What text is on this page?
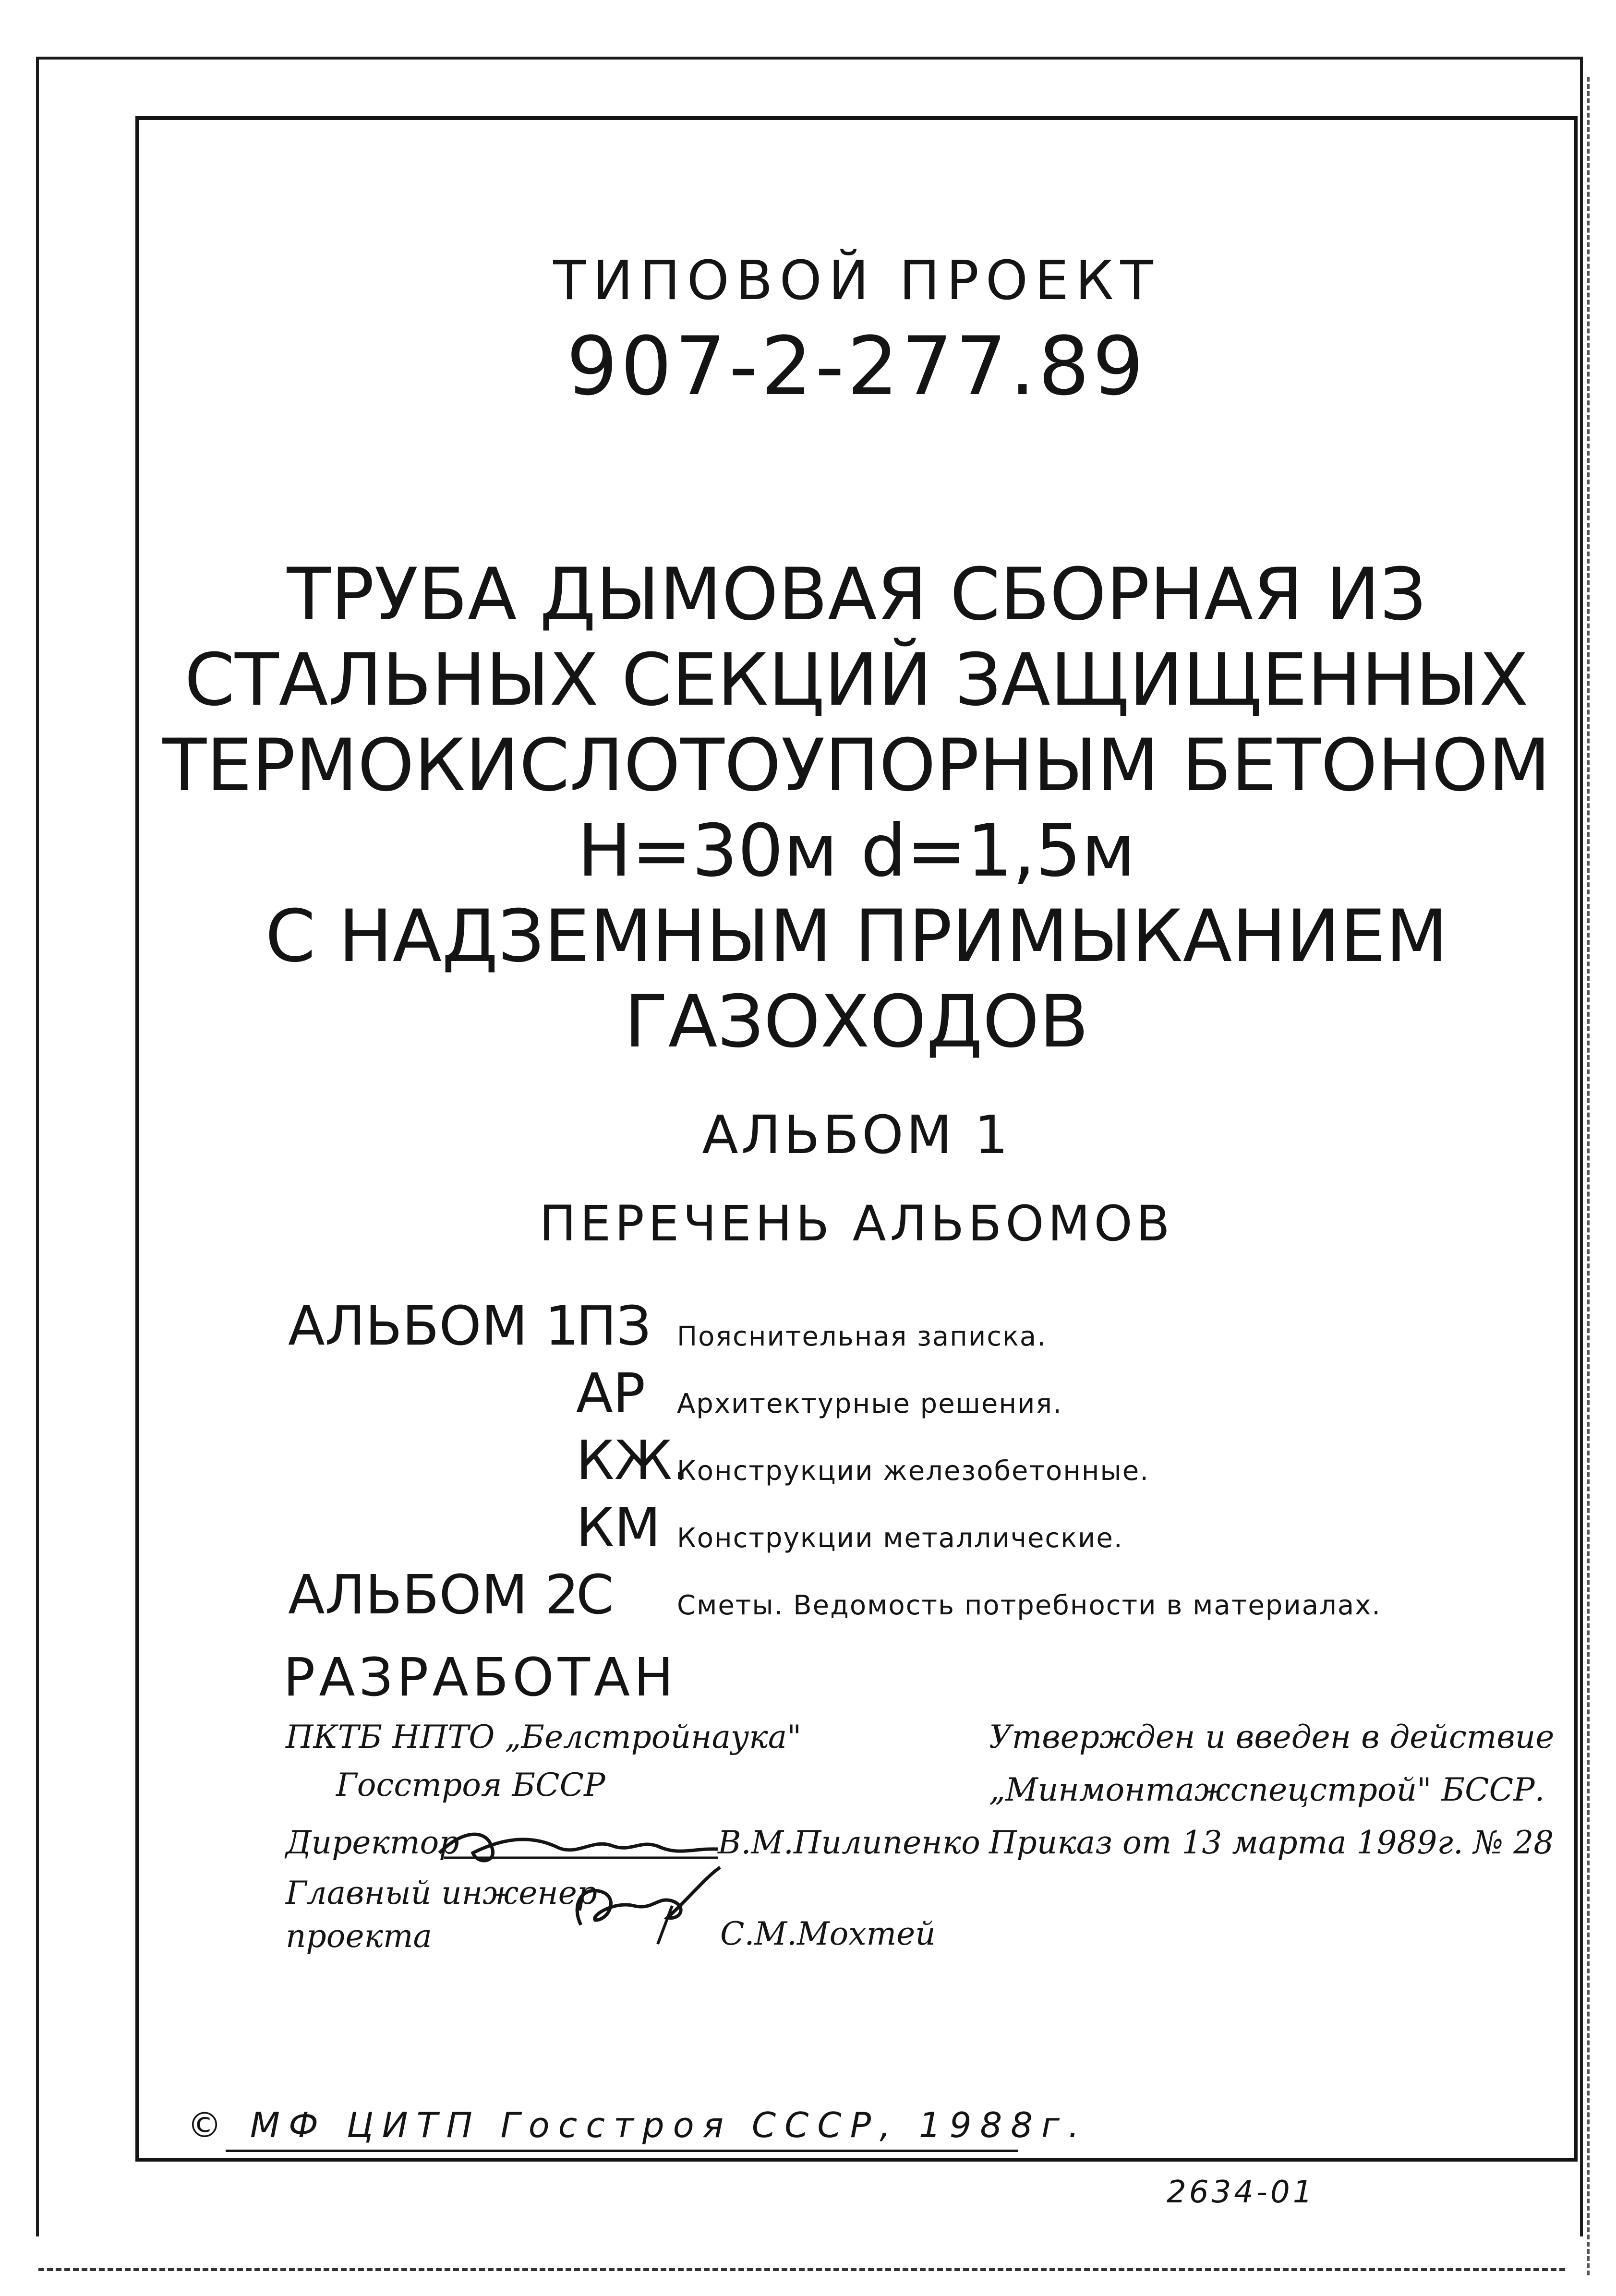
ТИПОВОЙ ПРОЕКТ
907-2-277.89
ТРУБА ДЫМОВАЯ СБОРНАЯ ИЗ
СТАЛЬНЫХ СЕКЦИЙ ЗАЩИЩЕННЫХ
ТЕРМОКИСЛОТОУПОРНЫМ БЕТОНОМ
Н=30м d=1,5м
С НАДЗЕМНЫМ ПРИМЫКАНИЕМ
ГАЗОХОДОВ
АЛЬБОМ 1
ПЕРЕЧЕНЬ АЛЬБОМОВ
АЛЬБОМ 1
ПЗ Пояснительная записка.
АР Архитектурные решения.
КЖ.
Конструкции железобетонные.
КМ Конструкции металлические.
АЛЬБОМ 2
С Сметы. Ведомость потребности в материалах.
РАЗРАБОТАН
ПКТБ НПТО „Белстройнаука"
Госстроя БССР
Директор	В.М.Пилипенко
Главный инженер
проекта	С.М.Мохтей
Утвержден и введен в действие
„Минмонтажспецстрой" БССР.
Приказ от 13 марта 1989г. № 28
© МФ ЦИТП Госстроя СССР, 1988г.
2634-01
